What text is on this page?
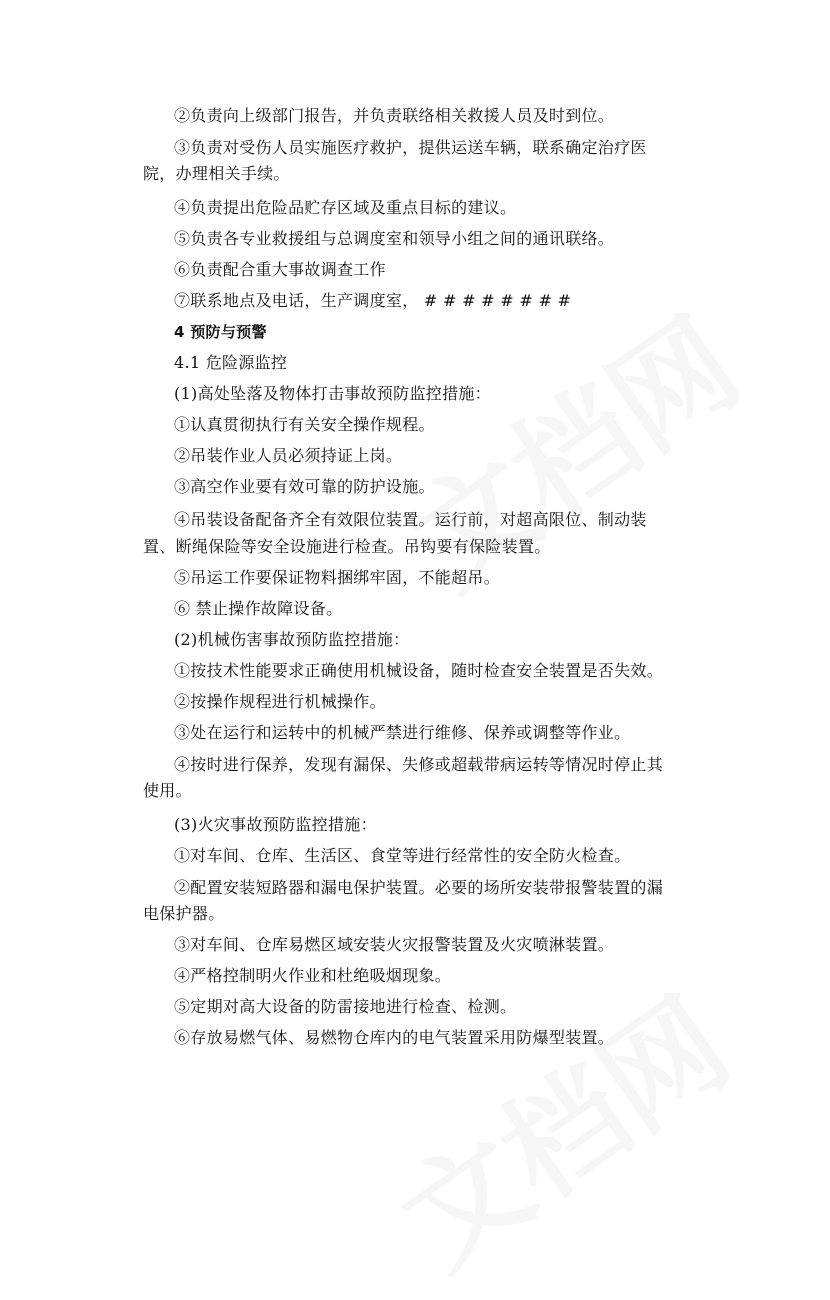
②负责向上级部门报告，并负责联络相关救援人员及时到位。
③负责对受伤人员实施医疗救护，提供运送车辆，联系确定治疗医
院，办理相关手续。
④负责提出危险品贮存区域及重点目标的建议。
⑤负责各专业救援组与总调度室和领导小组之间的通讯联络。
⑥负责配合重大事故调查工作
⑦联系地点及电话，生产调度室， # # # # # # # #
4 预防与预警
4.1 危险源监控
(1)高处坠落及物体打击事故预防监控措施：
①认真贯彻执行有关安全操作规程。
②吊装作业人员必须持证上岗。
③高空作业要有效可靠的防护设施。
④吊装设备配备齐全有效限位装置。运行前，对超高限位、制动装
置、断绳保险等安全设施进行检查。吊钩要有保险装置。
⑤吊运工作要保证物料捆绑牢固，不能超吊。
⑥ 禁止操作故障设备。
(2)机械伤害事故预防监控措施：
①按技术性能要求正确使用机械设备，随时检查安全装置是否失效。
②按操作规程进行机械操作。
③处在运行和运转中的机械严禁进行维修、保养或调整等作业。
④按时进行保养，发现有漏保、失修或超载带病运转等情况时停止其
使用。
(3)火灾事故预防监控措施：
①对车间、仓库、生活区、食堂等进行经常性的安全防火检查。
②配置安装短路器和漏电保护装置。必要的场所安装带报警装置的漏
电保护器。
③对车间、仓库易燃区域安装火灾报警装置及火灾喷淋装置。
④严格控制明火作业和杜绝吸烟现象。
⑤定期对高大设备的防雷接地进行检查、检测。
⑥存放易燃气体、易燃物仓库内的电气装置采用防爆型装置。
